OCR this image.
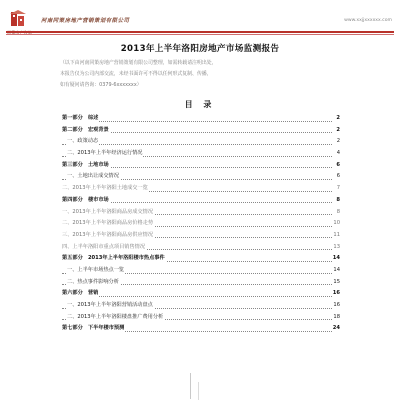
河南同策房地产营销策划有限公司	www.xxjjxxxxxx.com
2013年上半年洛阳房地产市场监测报告
（以下由河南同策房地产营销策划有限公司整理，如需转载请注明出处，
本报告仅为公司内部交流，未经书面许可不得以任何形式复制、传播，
如有疑问请咨询：0379-6xxxxxxx）
目 录
第一部分　综述	2
第二部分　宏观背景	2
一、政策动态	2
二、2013年上半年经济运行情况	4
第三部分　土地市场	6
一、土地出让成交情况	6
二、2013年上半年洛阳土地成交一览	7
第四部分　楼市市场	8
一、2013年上半年洛阳商品房成交情况	8
二、2013年上半年洛阳商品房价格走势	10
三、2013年上半年洛阳商品房供应情况	11
四、上半年洛阳市重点项目销售情况	13
第五部分　2013年上半年洛阳楼市热点事件	14
一、上半年市场热点一览	14
二、热点事件影响分析	15
第六部分　营销	16
一、2013年上半年洛阳营销活动盘点	16
二、2013年上半年洛阳楼盘推广费用分析	18
第七部分　下半年楼市预测	24
